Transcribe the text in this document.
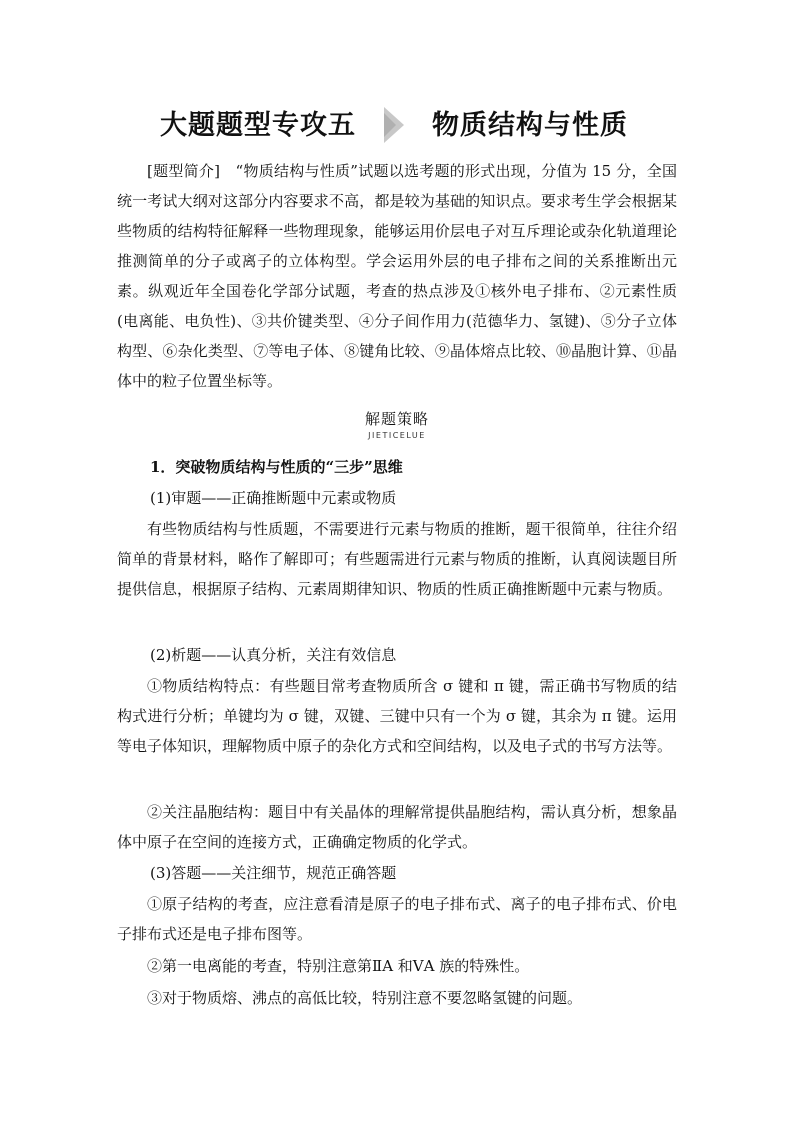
大题题型专攻五	物质结构与性质

[题型简介]　“物质结构与性质”试题以选考题的形式出现，分值为 15 分，全国统一考试大纲对这部分内容要求不高，都是较为基础的知识点。要求考生学会根据某些物质的结构特征解释一些物理现象，能够运用价层电子对互斥理论或杂化轨道理论推测简单的分子或离子的立体构型。学会运用外层的电子排布之间的关系推断出元素。纵观近年全国卷化学部分试题，考查的热点涉及①核外电子排布、②元素性质(电离能、电负性)、③共价键类型、④分子间作用力(范德华力、氢键)、⑤分子立体构型、⑥杂化类型、⑦等电子体、⑧键角比较、⑨晶体熔点比较、⑩晶胞计算、⑪晶体中的粒子位置坐标等。

解题策略
JIETICELUE
1．突破物质结构与性质的“三步”思维
(1)审题——正确推断题中元素或物质

有些物质结构与性质题，不需要进行元素与物质的推断，题干很简单，往往介绍简单的背景材料，略作了解即可；有些题需进行元素与物质的推断，认真阅读题目所提供信息，根据原子结构、元素周期律知识、物质的性质正确推断题中元素与物质。

(2)析题——认真分析，关注有效信息

①物质结构特点：有些题目常考查物质所含 σ 键和 π 键，需正确书写物质的结构式进行分析；单键均为 σ 键，双键、三键中只有一个为 σ 键，其余为 π 键。运用等电子体知识，理解物质中原子的杂化方式和空间结构，以及电子式的书写方法等。

②关注晶胞结构：题目中有关晶体的理解常提供晶胞结构，需认真分析，想象晶体中原子在空间的连接方式，正确确定物质的化学式。

(3)答题——关注细节，规范正确答题

①原子结构的考查，应注意看清是原子的电子排布式、离子的电子排布式、价电子排布式还是电子排布图等。

②第一电离能的考查，特别注意第ⅡA 和ⅤA 族的特殊性。

③对于物质熔、沸点的高低比较，特别注意不要忽略氢键的问题。
